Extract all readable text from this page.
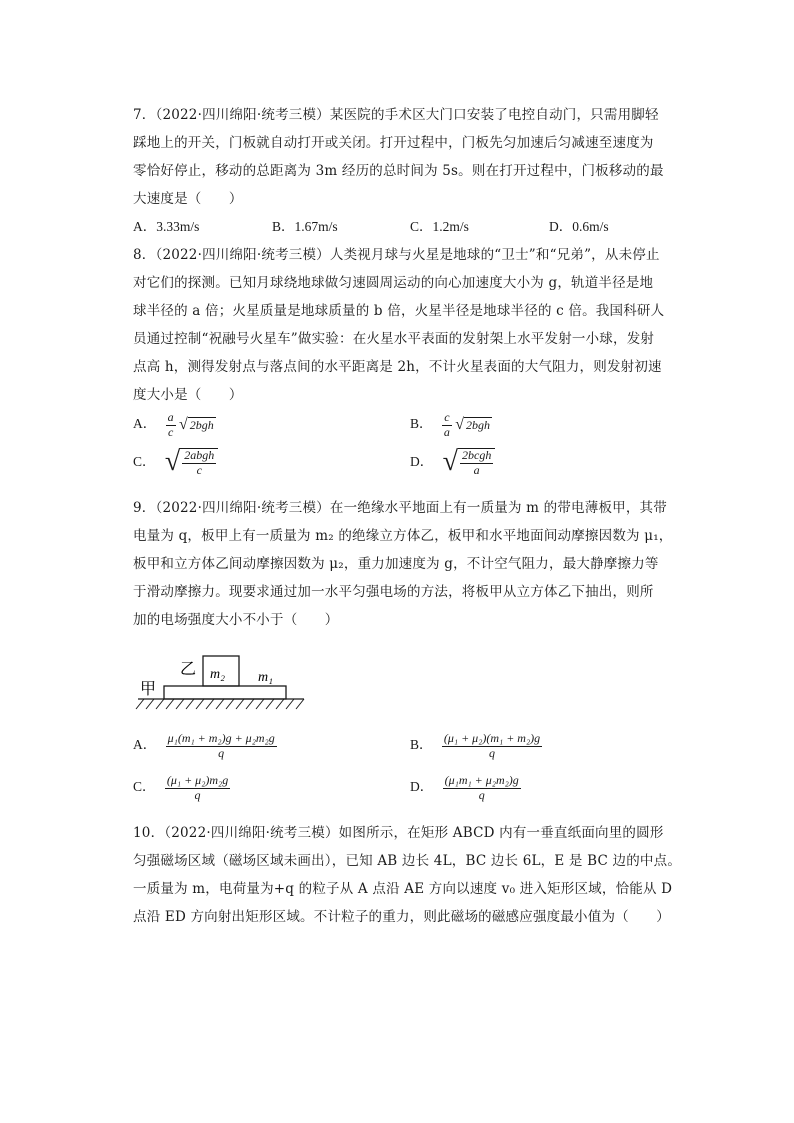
7．（2022·四川绵阳·统考三模）某医院的手术区大门口安装了电控自动门，只需用脚轻
踩地上的开关，门板就自动打开或关闭。打开过程中，门板先匀加速后匀减速至速度为
零恰好停止，移动的总距离为 3m 经历的总时间为 5s。则在打开过程中，门板移动的最
大速度是（　　）
A．3.33m/s	B．1.67m/s	C．1.2m/s	D．0.6m/s
8．（2022·四川绵阳·统考三模）人类视月球与火星是地球的“卫士”和“兄弟”，从未停止
对它们的探测。已知月球绕地球做匀速圆周运动的向心加速度大小为 g，轨道半径是地
球半径的 a 倍；火星质量是地球质量的 b 倍，火星半径是地球半径的 c 倍。我国科研人
员通过控制“祝融号火星车”做实验：在火星水平表面的发射架上水平发射一小球，发射
点高 h，测得发射点与落点间的水平距离是 2h，不计火星表面的大气阻力，则发射初速
度大小是（　　）
A． $\frac{a}{c}$
√ 2bgh	B． $\frac{c}{a}$
√ 2bgh
C． √ $\frac{\text{2abgh}}{c}$	D． √ $\frac{\text{2bcgh}}{a}$
9．（2022·四川绵阳·统考三模）在一绝缘水平地面上有一质量为 m 的带电薄板甲，其带
电量为 q，板甲上有一质量为 m₂ 的绝缘立方体乙，板甲和水平地面间动摩擦因数为 μ₁，
板甲和立方体乙间动摩擦因数为 μ₂，重力加速度为 g，不计空气阻力，最大静摩擦力等
于滑动摩擦力。现要求通过加一水平匀强电场的方法，将板甲从立方体乙下抽出，则所
加的电场强度大小不小于（　　）
甲
乙 m₂ m₁
A． $\frac{\text{μ₁(m₁ + m₂)g + μ₂m₂g}}{q}$	B． $\frac{\text{(μ₁ + μ₂)(m₁ + m₂)g}}{q}$
C． $\frac{\text{(μ₁ + μ₂)m₂g}}{q}$	D． $\frac{\text{(μ₁m₁ + μ₂m₂)g}}{q}$
10．（2022·四川绵阳·统考三模）如图所示，在矩形 ABCD 内有一垂直纸面向里的圆形
匀强磁场区域（磁场区域未画出），已知 AB 边长 4L，BC 边长 6L，E 是 BC 边的中点。
一质量为 m，电荷量为+q 的粒子从 A 点沿 AE 方向以速度 v₀ 进入矩形区域，恰能从 D
点沿 ED 方向射出矩形区域。不计粒子的重力，则此磁场的磁感应强度最小值为（　　）
